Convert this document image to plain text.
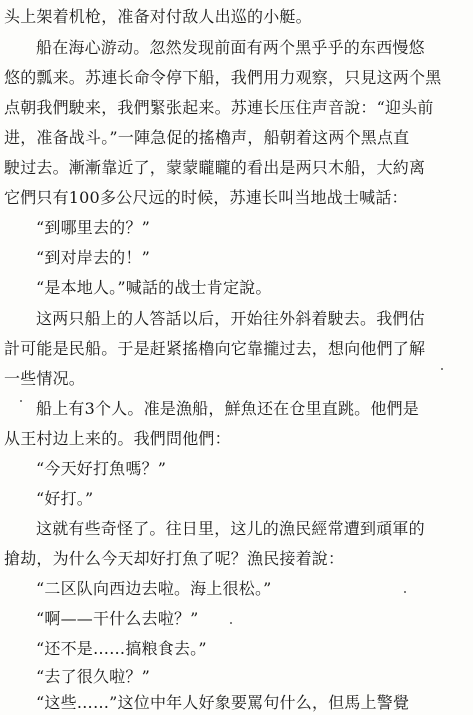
头上架着机枪，准备对付敌人出巡的小艇。
船在海心游动。忽然发现前面有两个黑乎乎的东西慢悠
悠的瓢来。苏連长命令停下船，我們用力观察，只見这两个黑
点朝我們駛来，我們緊张起来。苏連长压住声音說：“迎头前
进，准备战斗。”一陣急促的搖櫓声，船朝着这两个黑点直
駛过去。漸漸靠近了，蒙蒙矓矓的看出是两只木船，大約离
它們只有100多公尺远的时候，苏連长叫当地战士喊話：
“到哪里去的？”
“到对岸去的！”
“是本地人。”喊話的战士肯定說。
这两只船上的人答話以后，开始往外斜着駛去。我們估
計可能是民船。于是赶紧搖櫓向它靠攏过去，想向他們了解
一些情况。
船上有3个人。准是漁船，鮮魚还在仓里直跳。他們是
从王村边上来的。我們問他們：
“今天好打魚嗎？”
“好打。”
这就有些奇怪了。往日里，这儿的漁民經常遭到頑軍的
搶劫，为什么今天却好打魚了呢？漁民接着說：
“二区队向西边去啦。海上很松。”
“啊——干什么去啦？”
“还不是……搞粮食去。”
“去了很久啦？”
“这些……”这位中年人好象要罵句什么，但馬上警覺
